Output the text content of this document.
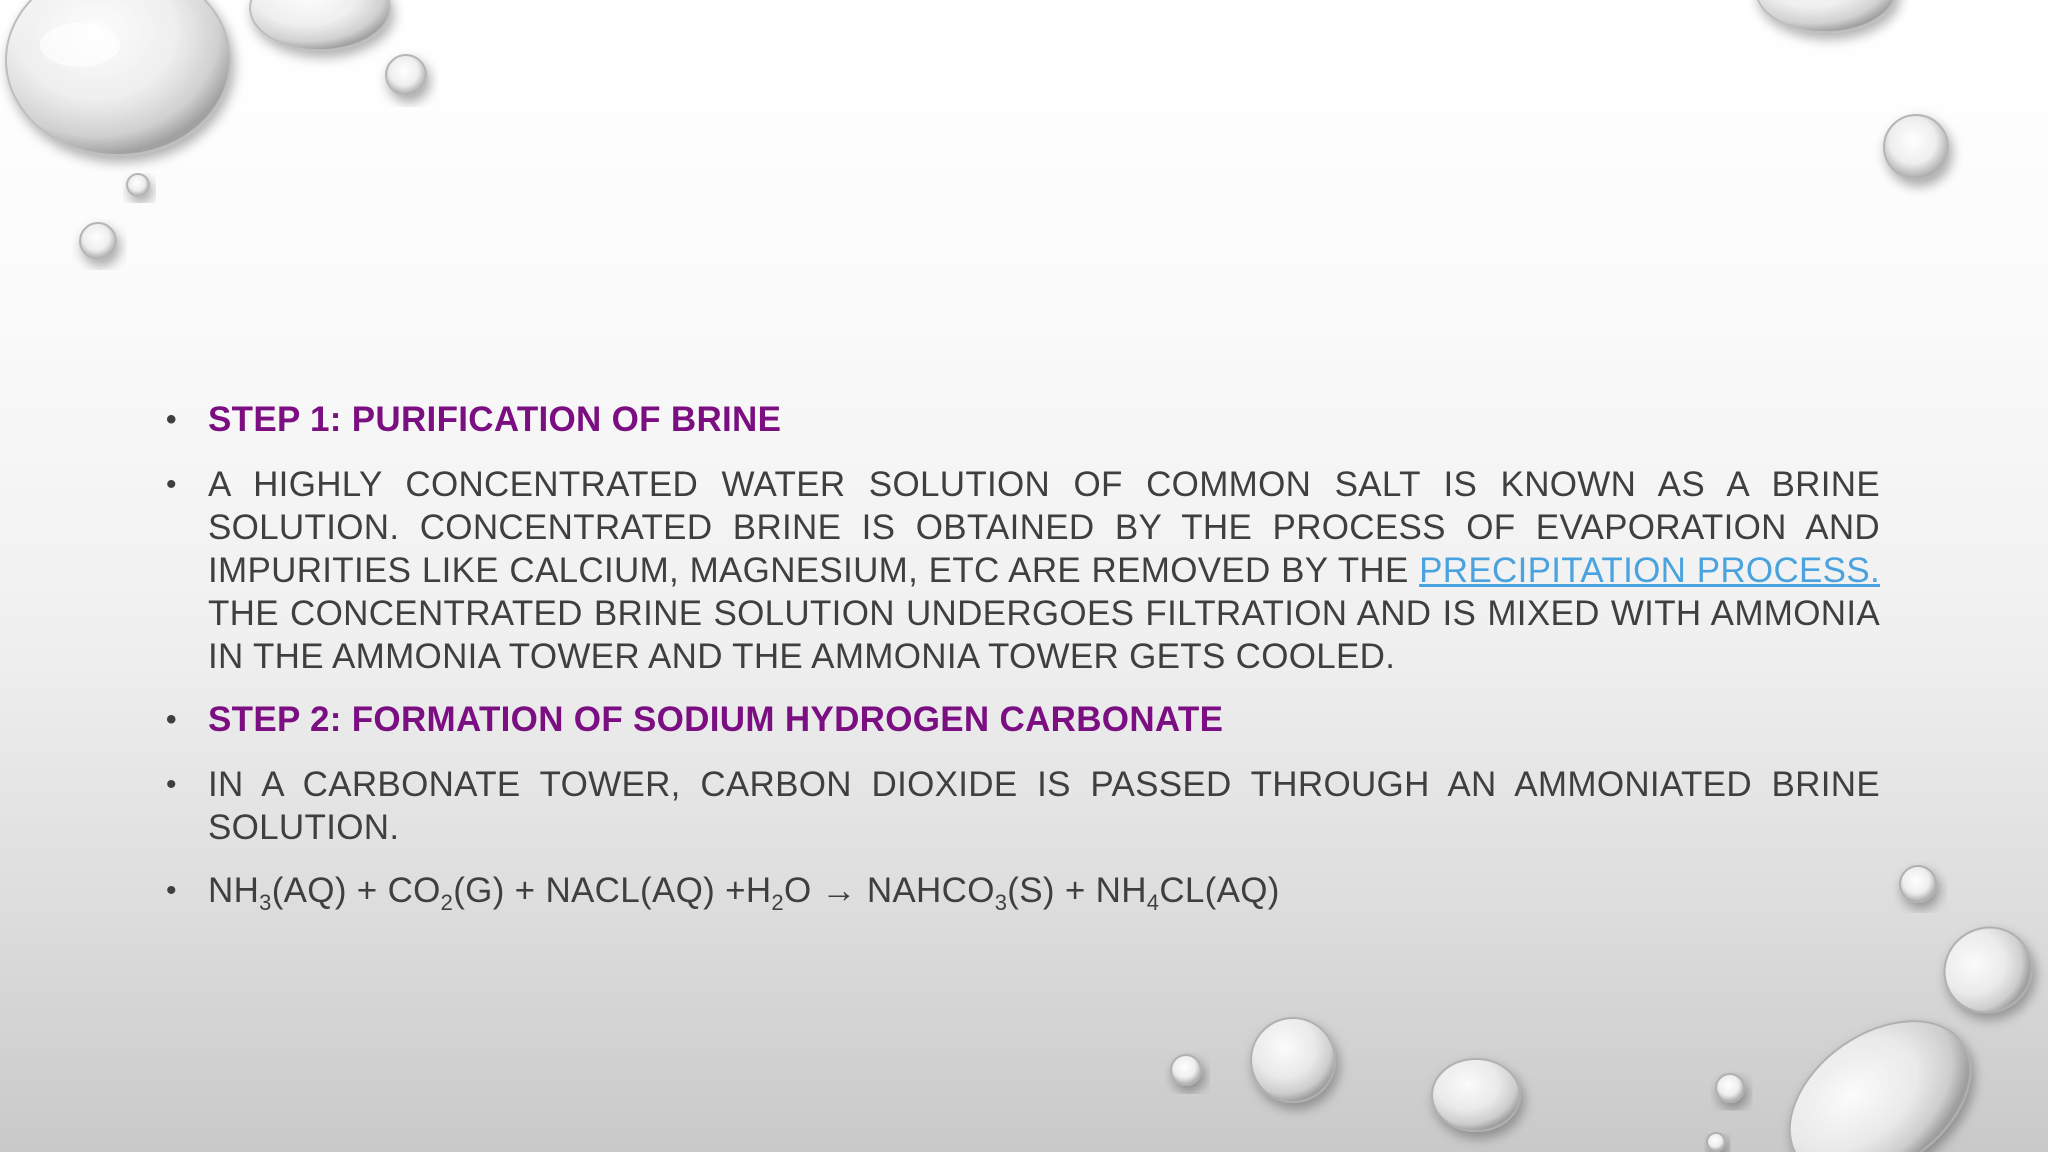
• STEP 1: PURIFICATION OF BRINE
• A HIGHLY CONCENTRATED WATER SOLUTION OF COMMON SALT IS KNOWN AS A BRINE SOLUTION. CONCENTRATED BRINE IS OBTAINED BY THE PROCESS OF EVAPORATION AND IMPURITIES LIKE CALCIUM, MAGNESIUM, ETC ARE REMOVED BY THE PRECIPITATION PROCESS. THE CONCENTRATED BRINE SOLUTION UNDERGOES FILTRATION AND IS MIXED WITH AMMONIA IN THE AMMONIA TOWER AND THE AMMONIA TOWER GETS COOLED.
• STEP 2: FORMATION OF SODIUM HYDROGEN CARBONATE
• IN A CARBONATE TOWER, CARBON DIOXIDE IS PASSED THROUGH AN AMMONIATED BRINE SOLUTION.
• $NH_3(AQ) + CO_2(G)$ + NACL(AQ) $+H_2O$ → $NAHCO_3(S) + NH_4CL(AQ)$
